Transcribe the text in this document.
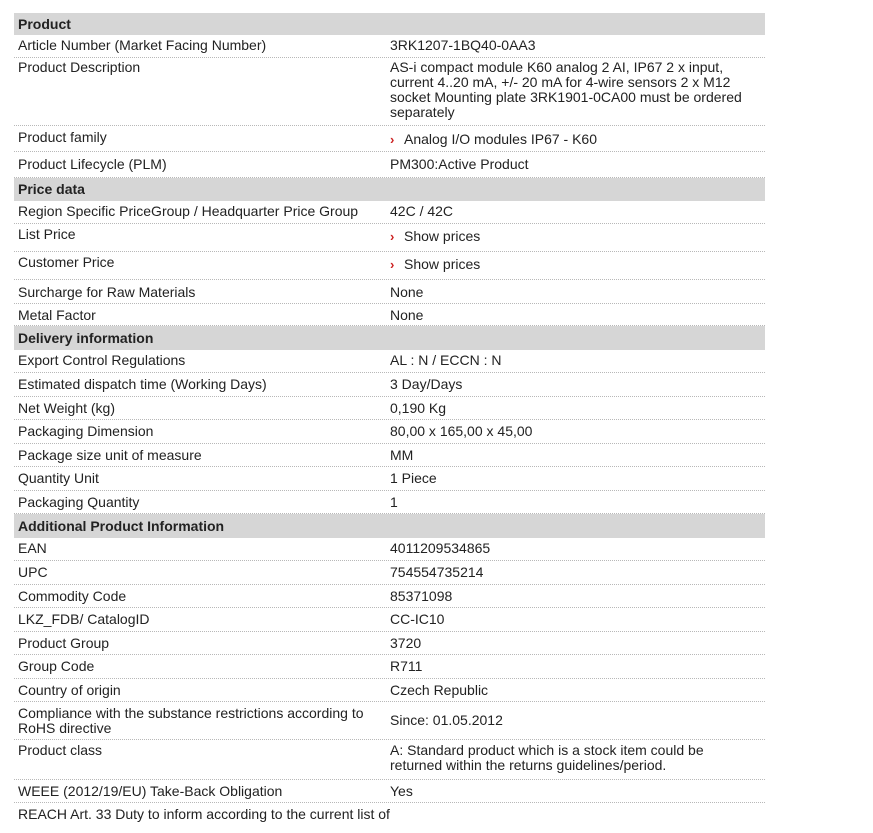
Product
Article Number (Market Facing Number)	3RK1207-1BQ40-0AA3
Product Description	AS-i compact module K60 analog 2 AI, IP67 2 x input, current 4..20 mA, +/- 20 mA for 4-wire sensors 2 x M12 socket Mounting plate 3RK1901-0CA00 must be ordered separately
Product family	› Analog I/O modules IP67 - K60
Product Lifecycle (PLM)	PM300:Active Product
Price data
Region Specific PriceGroup / Headquarter Price Group	42C / 42C
List Price	› Show prices
Customer Price	› Show prices
Surcharge for Raw Materials	None
Metal Factor	None
Delivery information
Export Control Regulations	AL : N / ECCN : N
Estimated dispatch time (Working Days)	3 Day/Days
Net Weight (kg)	0,190 Kg
Packaging Dimension	80,00 x 165,00 x 45,00
Package size unit of measure	MM
Quantity Unit	1 Piece
Packaging Quantity	1
Additional Product Information
EAN	4011209534865
UPC	754554735214
Commodity Code	85371098
LKZ_FDB/ CatalogID	CC-IC10
Product Group	3720
Group Code	R711
Country of origin	Czech Republic
Compliance with the substance restrictions according to RoHS directive	Since: 01.05.2012
Product class	A: Standard product which is a stock item could be returned within the returns guidelines/period.
WEEE (2012/19/EU) Take-Back Obligation	Yes
REACH Art. 33 Duty to inform according to the current list of
